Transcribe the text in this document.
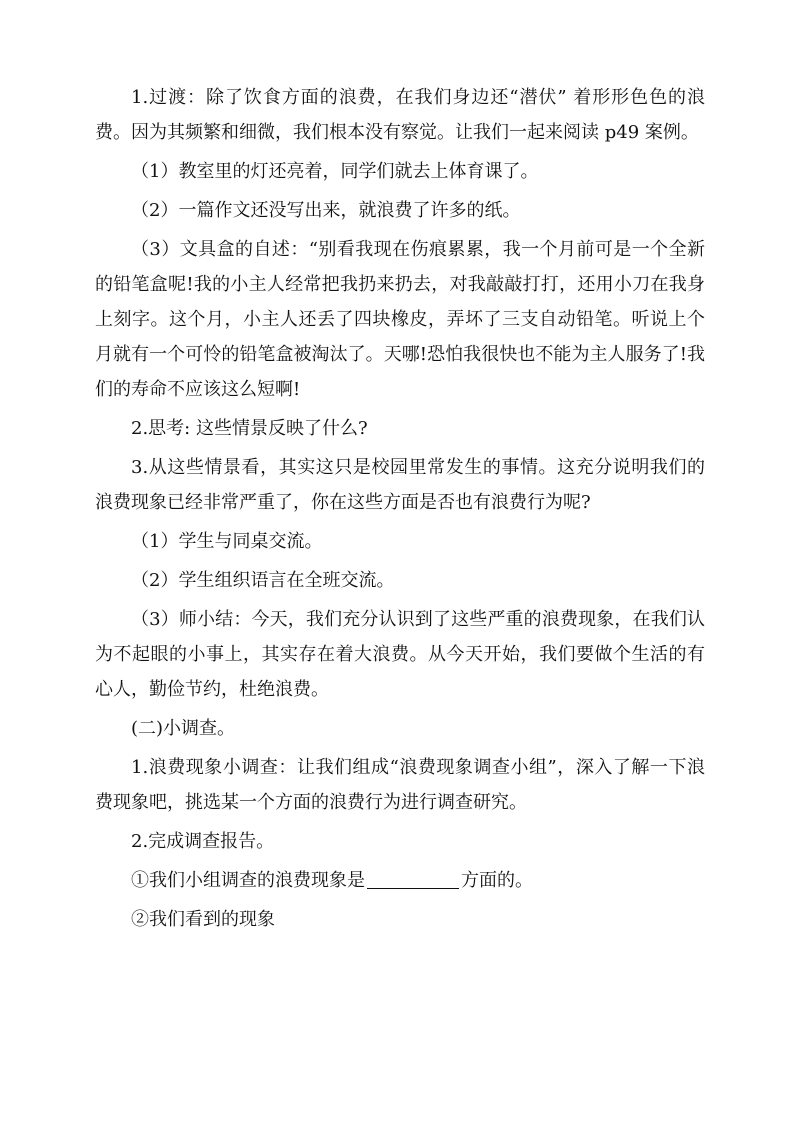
1.过渡：除了饮食方面的浪费，在我们身边还“潜伏” 着形形色色的浪费。因为其频繁和细微，我们根本没有察觉。让我们一起来阅读 p49 案例。

（1）教室里的灯还亮着，同学们就去上体育课了。

（2）一篇作文还没写出来，就浪费了许多的纸。

（3）文具盒的自述：“别看我现在伤痕累累，我一个月前可是一个全新的铅笔盒呢!我的小主人经常把我扔来扔去，对我敲敲打打，还用小刀在我身上刻字。这个月，小主人还丢了四块橡皮，弄坏了三支自动铅笔。听说上个月就有一个可怜的铅笔盒被淘汰了。天哪!恐怕我很快也不能为主人服务了!我们的寿命不应该这么短啊!

2.思考: 这些情景反映了什么?

3.从这些情景看，其实这只是校园里常发生的事情。这充分说明我们的浪费现象已经非常严重了，你在这些方面是否也有浪费行为呢?

（1）学生与同桌交流。

（2）学生组织语言在全班交流。

（3）师小结：今天，我们充分认识到了这些严重的浪费现象，在我们认为不起眼的小事上，其实存在着大浪费。从今天开始，我们要做个生活的有心人，勤俭节约，杜绝浪费。

(二)小调查。

1.浪费现象小调查：让我们组成“浪费现象调查小组”，深入了解一下浪费现象吧，挑选某一个方面的浪费行为进行调查研究。

2.完成调查报告。

①我们小组调查的浪费现象是	方面的。

②我们看到的现象
